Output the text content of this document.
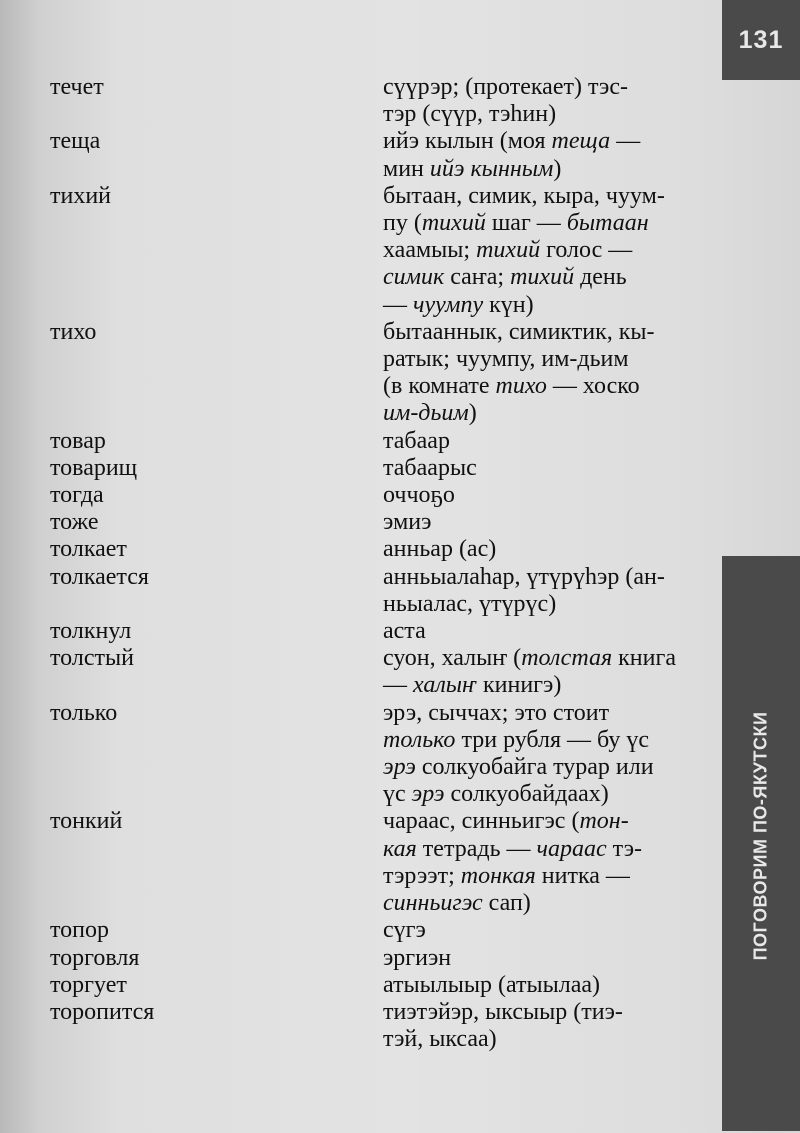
131
ПОГОВОРИМ ПО-ЯКУТСКИ
течет	сүүрэр; (протекает) тэс-
тэр (сүүр, тэһин)
теща	ийэ кылын (моя теща —
мин ийэ кынным)
тихий	бытаан, симик, кыра, чуум-
пу (тихий шаг — бытаан
хаамыы; тихий голос —
симик саҥа; тихий день
— чуумпу күн)
тихо	бытааннык, симиктик, кы-
ратык; чуумпу, им-дьим
(в комнате тихо — хоско
им-дьим)
товар	табаар
товарищ	табаарыс
тогда	оччоҕо
тоже	эмиэ
толкает	анньар (ас)
толкается	анньыалаһар, үтүрүһэр (ан-
ньыалас, үтүрүс)
толкнул	аста
толстый	суон, халыҥ (толстая книга
— халыҥ кинигэ)
только	эрэ, сыччах; это стоит
только три рубля — бу үс
эрэ солкуобайга турар или
үс эрэ солкуобайдаах)
тонкий	чараас, синньигэс (тон-
кая тетрадь — чараас тэ-
тэрээт; тонкая нитка —
синньигэс сап)
топор	сүгэ
торговля	эргиэн
торгует	атыылыыр (атыылаа)
торопится	тиэтэйэр, ыксыыр (тиэ-
тэй, ыксаа)
